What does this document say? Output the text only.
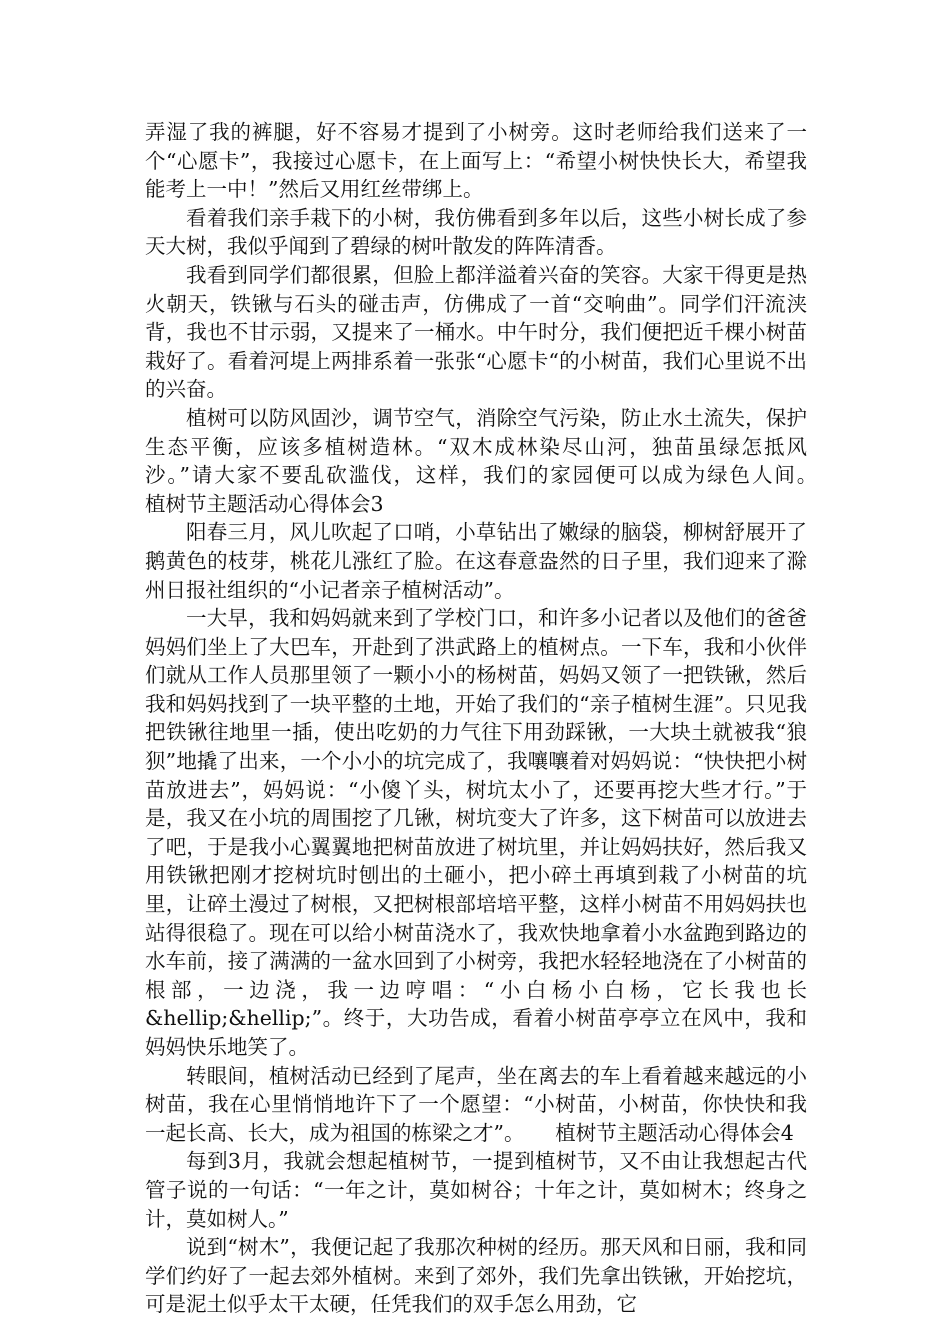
弄湿了我的裤腿，好不容易才提到了小树旁。这时老师给我们送来了一个“心愿卡”，我接过心愿卡，在上面写上：“希望小树快快长大，希望我能考上一中！”然后又用红丝带绑上。

看着我们亲手栽下的小树，我仿佛看到多年以后，这些小树长成了参天大树，我似乎闻到了碧绿的树叶散发的阵阵清香。

我看到同学们都很累，但脸上都洋溢着兴奋的笑容。大家干得更是热火朝天，铁锹与石头的碰击声，仿佛成了一首“交响曲”。同学们汗流浃背，我也不甘示弱，又提来了一桶水。中午时分，我们便把近千棵小树苗栽好了。看着河堤上两排系着一张张“心愿卡“的小树苗，我们心里说不出的兴奋。

植树可以防风固沙，调节空气，消除空气污染，防止水土流失，保护生态平衡，应该多植树造林。“双木成林染尽山河，独苗虽绿怎抵风沙。”请大家不要乱砍滥伐，这样，我们的家园便可以成为绿色人间。　　植树节主题活动心得体会3

阳春三月，风儿吹起了口哨，小草钻出了嫩绿的脑袋，柳树舒展开了鹅黄色的枝芽，桃花儿涨红了脸。在这春意盎然的日子里，我们迎来了滁州日报社组织的“小记者亲子植树活动”。

一大早，我和妈妈就来到了学校门口，和许多小记者以及他们的爸爸妈妈们坐上了大巴车，开赴到了洪武路上的植树点。一下车，我和小伙伴们就从工作人员那里领了一颗小小的杨树苗，妈妈又领了一把铁锹，然后我和妈妈找到了一块平整的土地，开始了我们的“亲子植树生涯”。只见我把铁锹往地里一插，使出吃奶的力气往下用劲踩锹，一大块土就被我“狼狈”地撬了出来，一个小小的坑完成了，我嚷嚷着对妈妈说：“快快把小树苗放进去”，妈妈说：“小傻丫头，树坑太小了，还要再挖大些才行。”于是，我又在小坑的周围挖了几锹，树坑变大了许多，这下树苗可以放进去了吧，于是我小心翼翼地把树苗放进了树坑里，并让妈妈扶好，然后我又用铁锹把刚才挖树坑时刨出的土砸小，把小碎土再填到栽了小树苗的坑里，让碎土漫过了树根，又把树根部培培平整，这样小树苗不用妈妈扶也站得很稳了。现在可以给小树苗浇水了，我欢快地拿着小水盆跑到路边的水车前，接了满满的一盆水回到了小树旁，我把水轻轻地浇在了小树苗的根部，一边浇，我一边哼唱：“小白杨小白杨，它长我也长&hellip;&hellip;”。终于，大功告成，看着小树苗亭亭立在风中，我和妈妈快乐地笑了。

转眼间，植树活动已经到了尾声，坐在离去的车上看着越来越远的小树苗，我在心里悄悄地许下了一个愿望：“小树苗，小树苗，你快快和我一起长高、长大，成为祖国的栋梁之才”。　　植树节主题活动心得体会4

每到3月，我就会想起植树节，一提到植树节，又不由让我想起古代管子说的一句话：“一年之计，莫如树谷；十年之计，莫如树木；终身之计，莫如树人。”

说到“树木”，我便记起了我那次种树的经历。那天风和日丽，我和同学们约好了一起去郊外植树。来到了郊外，我们先拿出铁锹，开始挖坑，可是泥土似乎太干太硬，任凭我们的双手怎么用劲，它
